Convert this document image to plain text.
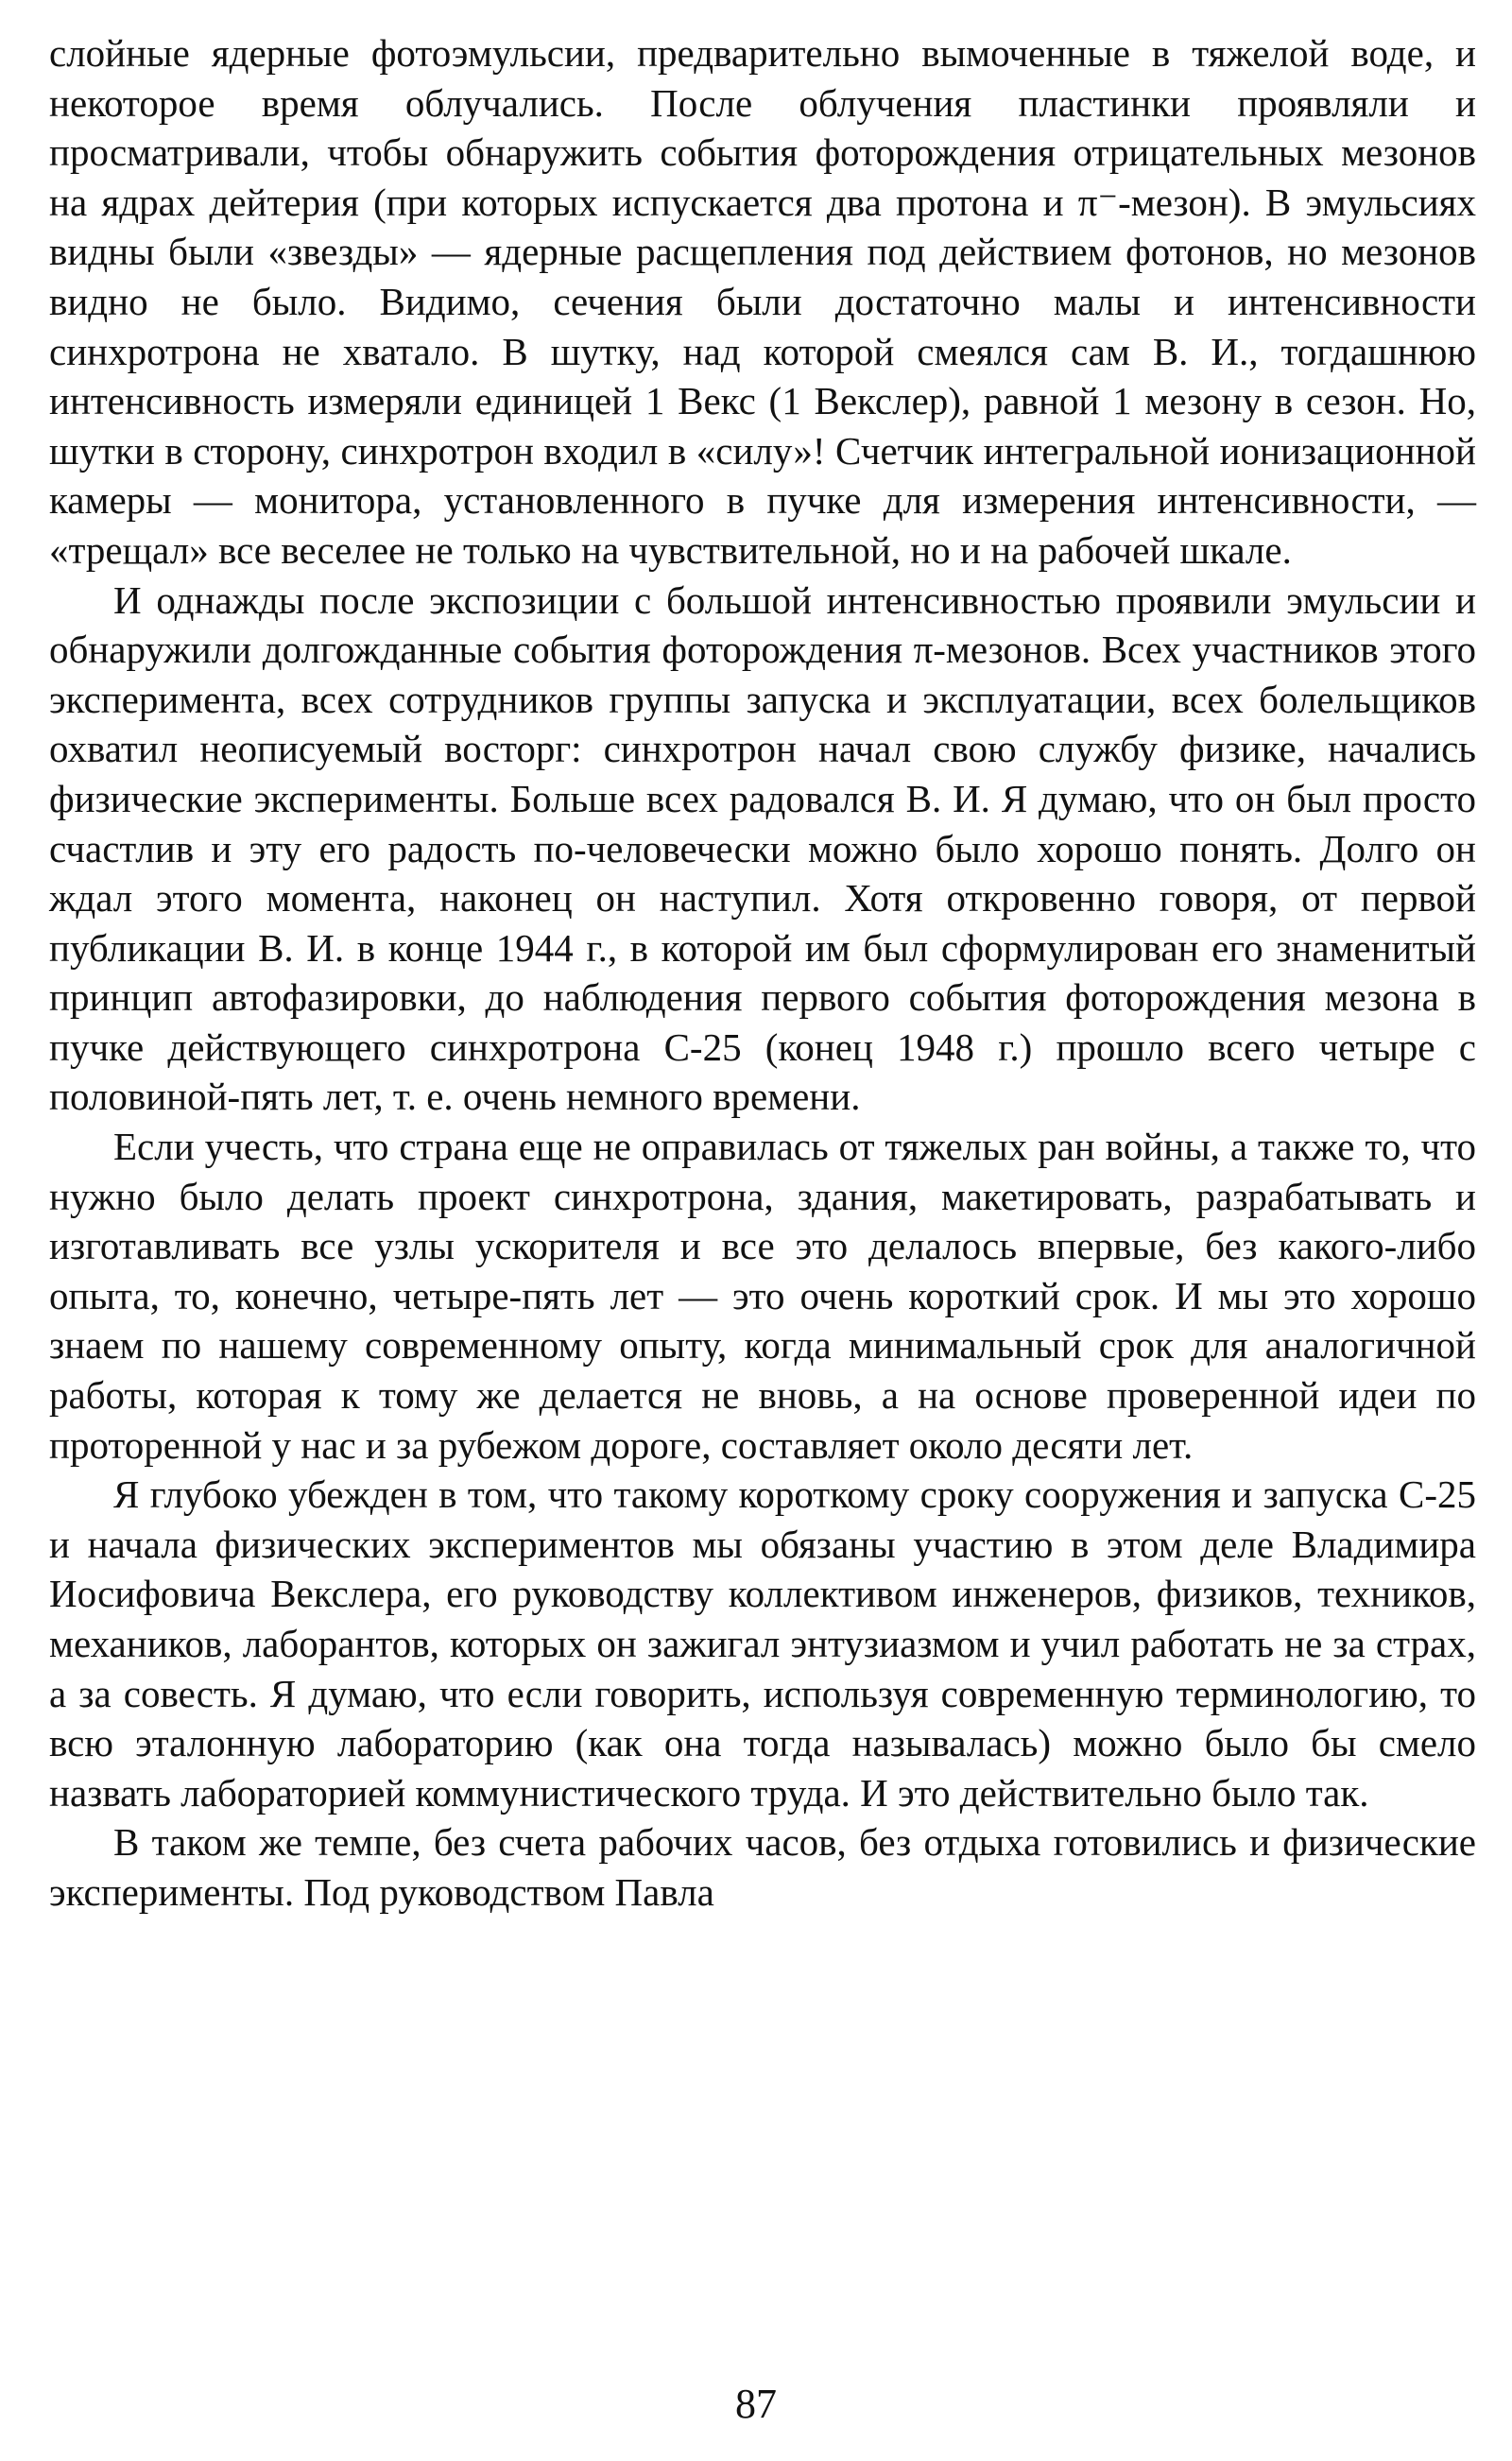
слойные ядерные фотоэмульсии, предварительно вымоченные в тяжелой воде, и некоторое время облучались. После облучения пластинки проявляли и просматривали, чтобы обнаружить события фоторождения отрицательных мезонов на ядрах дейтерия (при которых испускается два протона и π⁻-мезон). В эмульсиях видны были «звезды» — ядерные расщепления под действием фотонов, но мезонов видно не было. Видимо, сечения были достаточно малы и интенсивности синхротрона не хватало. В шутку, над которой смеялся сам В. И., тогдашнюю интенсивность измеряли единицей 1 Векс (1 Векслер), равной 1 мезону в сезон. Но, шутки в сторону, синхротрон входил в «силу»! Счетчик интегральной ионизационной камеры — монитора, установленного в пучке для измерения интенсивности, — «трещал» все веселее не только на чувствительной, но и на рабочей шкале.

И однажды после экспозиции с большой интенсивностью проявили эмульсии и обнаружили долгожданные события фоторождения π-мезонов. Всех участников этого эксперимента, всех сотрудников группы запуска и эксплуатации, всех болельщиков охватил неописуемый восторг: синхротрон начал свою службу физике, начались физические эксперименты. Больше всех радовался В. И. Я думаю, что он был просто счастлив и эту его радость по-человечески можно было хорошо понять. Долго он ждал этого момента, наконец он наступил. Хотя откровенно говоря, от первой публикации В. И. в конце 1944 г., в которой им был сформулирован его знаменитый принцип автофазировки, до наблюдения первого события фоторождения мезона в пучке действующего синхротрона С-25 (конец 1948 г.) прошло всего четыре с половиной-пять лет, т. е. очень немного времени.

Если учесть, что страна еще не оправилась от тяжелых ран войны, а также то, что нужно было делать проект синхротрона, здания, макетировать, разрабатывать и изготавливать все узлы ускорителя и все это делалось впервые, без какого-либо опыта, то, конечно, четыре-пять лет — это очень короткий срок. И мы это хорошо знаем по нашему современному опыту, когда минимальный срок для аналогичной работы, которая к тому же делается не вновь, а на основе проверенной идеи по проторенной у нас и за рубежом дороге, составляет около десяти лет.

Я глубоко убежден в том, что такому короткому сроку сооружения и запуска С-25 и начала физических экспериментов мы обязаны участию в этом деле Владимира Иосифовича Векслера, его руководству коллективом инженеров, физиков, техников, механиков, лаборантов, которых он зажигал энтузиазмом и учил работать не за страх, а за совесть. Я думаю, что если говорить, используя современную терминологию, то всю эталонную лабораторию (как она тогда называлась) можно было бы смело назвать лабораторией коммунистического труда. И это действительно было так.

В таком же темпе, без счета рабочих часов, без отдыха готовились и физические эксперименты. Под руководством Павла

87
